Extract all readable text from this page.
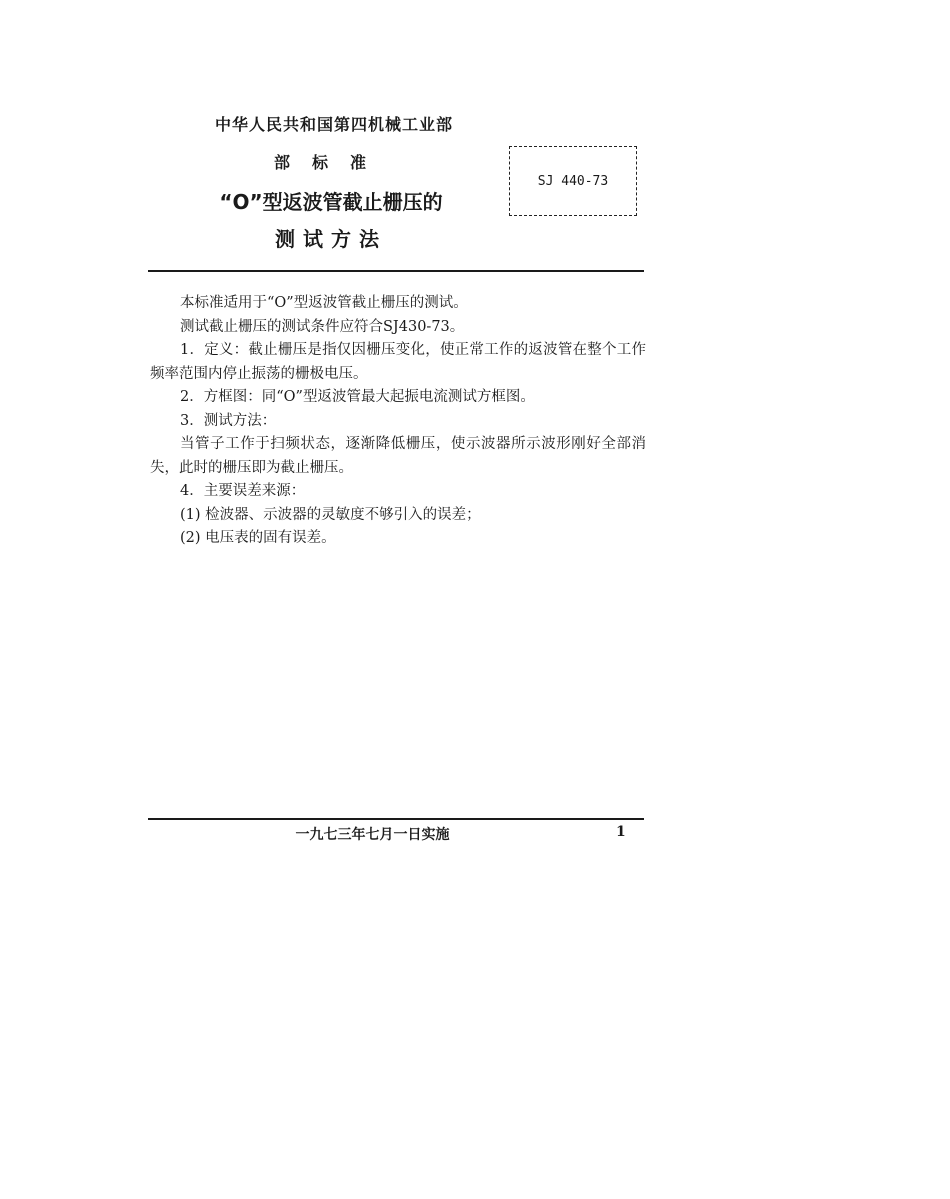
中华人民共和国第四机械工业部
部标准
“O”型返波管截止栅压的
测试方法
SJ 440-73

本标准适用于“O”型返波管截止栅压的测试。

测试截止栅压的测试条件应符合SJ430-73。

1．定义：截止栅压是指仅因栅压变化，使正常工作的返波管在整个工作频率范围内停止振荡的栅极电压。

2．方框图：同“O”型返波管最大起振电流测试方框图。

3．测试方法：

当管子工作于扫频状态，逐渐降低栅压，使示波器所示波形刚好全部消失，此时的栅压即为截止栅压。

4．主要误差来源：

(1) 检波器、示波器的灵敏度不够引入的误差；

(2) 电压表的固有误差。

一九七三年七月一日实施	1
